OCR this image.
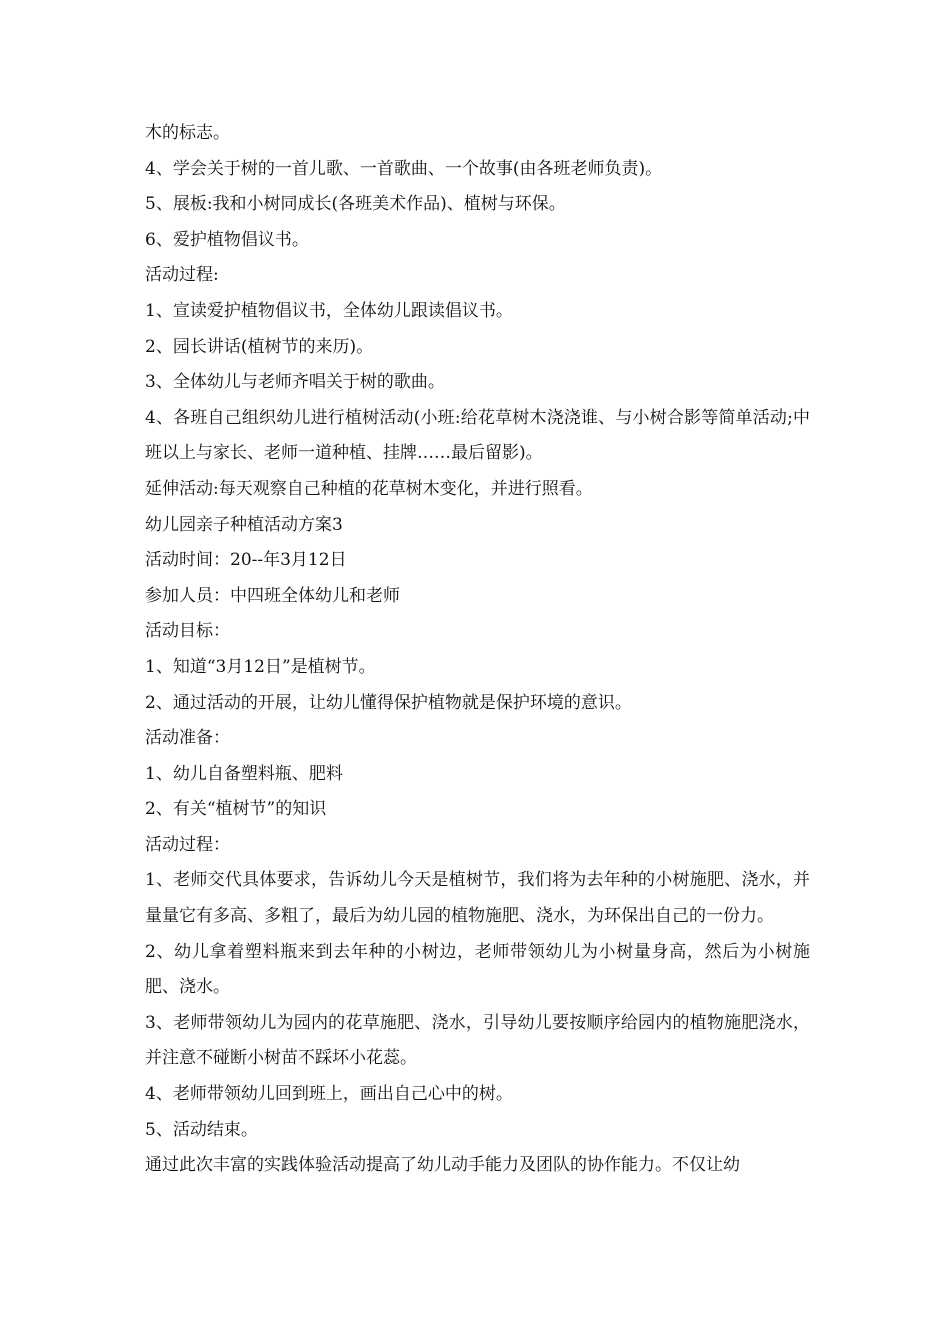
木的标志。

4、学会关于树的一首儿歌、一首歌曲、一个故事(由各班老师负责)。

5、展板:我和小树同成长(各班美术作品)、植树与环保。

6、爱护植物倡议书。

活动过程:

1、宣读爱护植物倡议书，全体幼儿跟读倡议书。

2、园长讲话(植树节的来历)。

3、全体幼儿与老师齐唱关于树的歌曲。

4、各班自己组织幼儿进行植树活动(小班:给花草树木浇浇谁、与小树合影等简单活动;中班以上与家长、老师一道种植、挂牌……最后留影)。

延伸活动:每天观察自己种植的花草树木变化，并进行照看。

幼儿园亲子种植活动方案3

活动时间：20--年3月12日

参加人员：中四班全体幼儿和老师

活动目标：

1、知道“3月12日”是植树节。

2、通过活动的开展，让幼儿懂得保护植物就是保护环境的意识。

活动准备：

1、幼儿自备塑料瓶、肥料

2、有关“植树节”的知识

活动过程：

1、老师交代具体要求，告诉幼儿今天是植树节，我们将为去年种的小树施肥、浇水，并量量它有多高、多粗了，最后为幼儿园的植物施肥、浇水，为环保出自己的一份力。

2、幼儿拿着塑料瓶来到去年种的小树边，老师带领幼儿为小树量身高，然后为小树施肥、浇水。

3、老师带领幼儿为园内的花草施肥、浇水，引导幼儿要按顺序给园内的植物施肥浇水，并注意不碰断小树苗不踩坏小花蕊。

4、老师带领幼儿回到班上，画出自己心中的树。

5、活动结束。

通过此次丰富的实践体验活动提高了幼儿动手能力及团队的协作能力。不仅让幼
